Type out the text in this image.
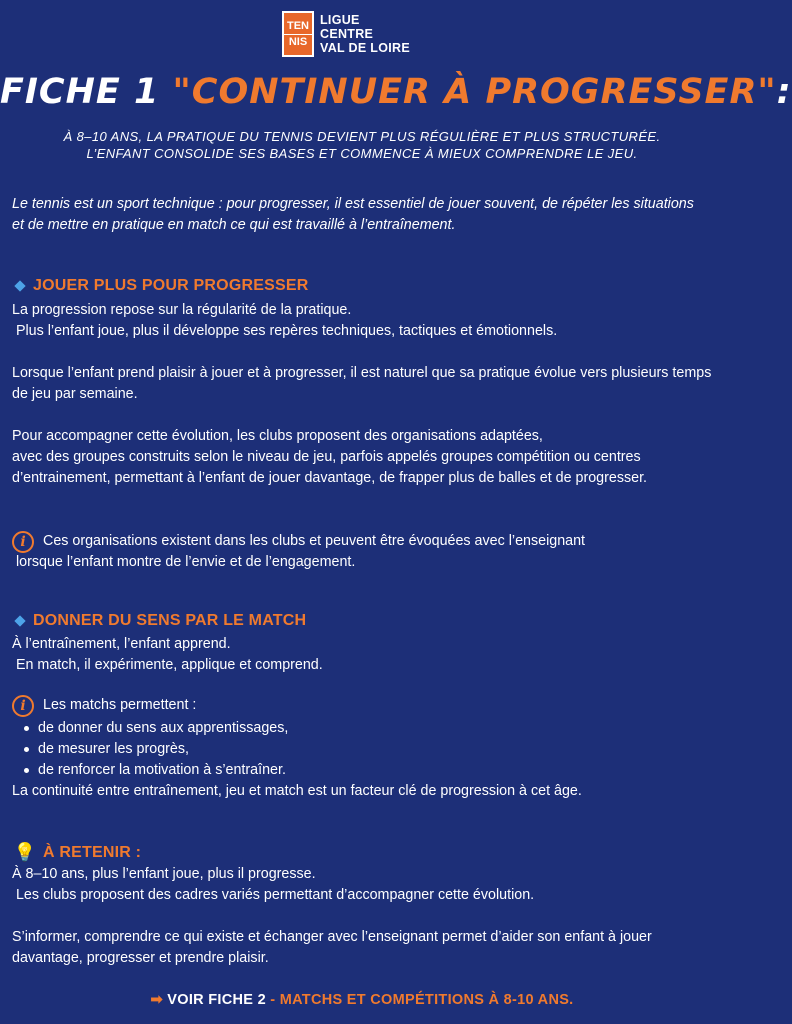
TEN
NIS
LIGUE
CENTRE
VAL DE LOIRE
FICHE 1 "CONTINUER À PROGRESSER":
À 8–10 ANS, LA PRATIQUE DU TENNIS DEVIENT PLUS RÉGULIÈRE ET PLUS STRUCTURÉE.
L’ENFANT CONSOLIDE SES BASES ET COMMENCE À MIEUX COMPRENDRE LE JEU.
Le tennis est un sport technique : pour progresser, il est essentiel de jouer souvent, de répéter les situations et de mettre en pratique en match ce qui est travaillé à l’entraînement.
JOUER PLUS POUR PROGRESSER
La progression repose sur la régularité de la pratique.
Plus l’enfant joue, plus il développe ses repères techniques, tactiques et émotionnels.
Lorsque l’enfant prend plaisir à jouer et à progresser, il est naturel que sa pratique évolue vers plusieurs temps de jeu par semaine.
Pour accompagner cette évolution, les clubs proposent des organisations adaptées,
avec des groupes construits selon le niveau de jeu, parfois appelés groupes compétition ou centres d’entrainement, permettant à l’enfant de jouer davantage, de frapper plus de balles et de progresser.
i	Ces organisations existent dans les clubs et peuvent être évoquées avec l’enseignant
lorsque l’enfant montre de l’envie et de l’engagement.
DONNER DU SENS PAR LE MATCH
À l’entraînement, l’enfant apprend.
En match, il expérimente, applique et comprend.
i	Les matchs permettent :
de donner du sens aux apprentissages,
de mesurer les progrès,
de renforcer la motivation à s’entraîner.
La continuité entre entraînement, jeu et match est un facteur clé de progression à cet âge.
💡 À RETENIR :
À 8–10 ans, plus l’enfant joue, plus il progresse.
Les clubs proposent des cadres variés permettant d’accompagner cette évolution.
S’informer, comprendre ce qui existe et échanger avec l’enseignant permet d’aider son enfant à jouer davantage, progresser et prendre plaisir.
➡ VOIR FICHE 2 - MATCHS ET COMPÉTITIONS À 8-10 ANS.
